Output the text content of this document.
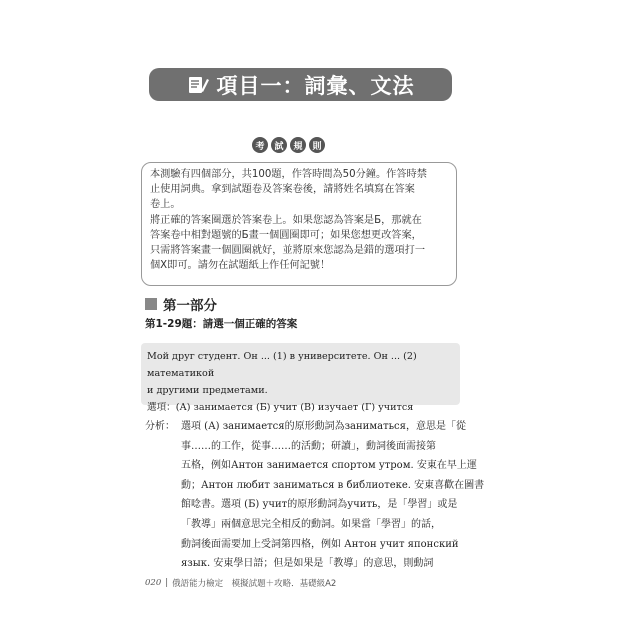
項目一：詞彙、文法
考	試	規	則

本測驗有四個部分，共100題，作答時間為50分鐘。作答時禁

止使用詞典。拿到試題卷及答案卷後，請將姓名填寫在答案

卷上。

將正確的答案圈選於答案卷上。如果您認為答案是Б，那就在

答案卷中相對題號的Б畫一個圓圈即可；如果您想更改答案，

只需將答案畫一個圓圈就好，並將原來您認為是錯的選項打一

個X即可。請勿在試題紙上作任何記號！

第一部分
第1-29題：請選一個正確的答案

Мой друг студент. Он ... (1) в университете. Он ... (2) математикой

и другими предметами.

選項：(А) занимается (Б) учит (В) изучает (Г) учится

分析： 選項 (А) занимается的原形動詞為заниматься，意思是「從

事……的工作，從事……的活動；研讀」，動詞後面需接第

五格，例如Антон занимается спортом утром. 安東在早上運

動；Антон любит заниматься в библиотеке. 安東喜歡在圖書

館唸書。選項 (Б) учит的原形動詞為учить，是「學習」或是

「教導」兩個意思完全相反的動詞。如果當「學習」的話，

動詞後面需要加上受詞第四格，例如 Антон учит японский

язык. 安東學日語；但是如果是「教導」的意思，則動詞

020 | 俄語能力檢定　模擬試題＋攻略．基礎級A2
